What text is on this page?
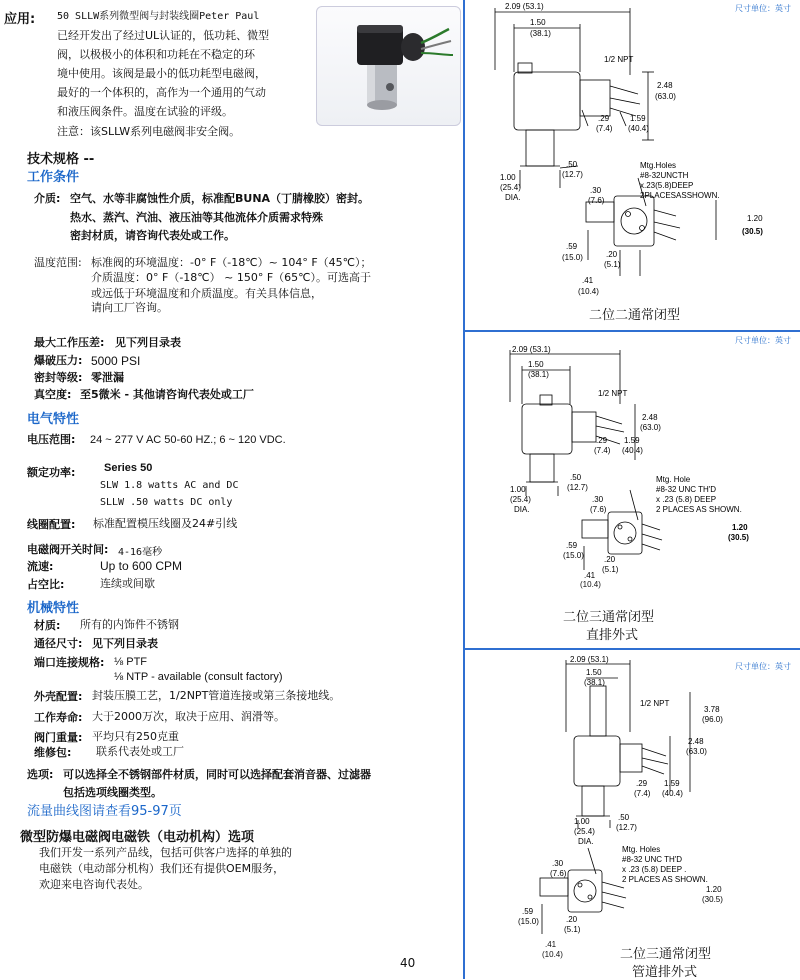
应用: 50 SLLW系列微型阀与封装线圈Peter Paul
已经开发出了经过UL认证的，低功耗、微型
阀，以极极小的体积和功耗在不稳定的环
境中使用。该阀是最小的低功耗型电磁阀，
最好的一个体积的，高作为一个通用的气动
和液压阀条件。温度在试验的评级。
注意：该SLLW系列电磁阀非安全阀。
技术规格 --
工作条件
介质: 空气、水等非腐蚀性介质，标准配BUNA（丁腈橡胶）密封。
热水、蒸汽、汽油、液压油等其他流体介质需求特殊
密封材质，请咨询代表处或工作。
温度范围: 标准阀的环境温度：-0° F（-18℃）~ 104° F（45℃）；
介质温度：0° F（-18℃） ~ 150° F（65℃）。可选高于
或远低于环境温度和介质温度。有关具体信息，
请向工厂咨询。
最大工作压差: 见下列目录表
爆破压力: 5000 PSI
密封等级: 零泄漏
真空度: 至5微米 - 其他请咨询代表处或工厂
电气特性
电压范围: 24 ~ 277 V AC 50-60 HZ.; 6 ~ 120 VDC.
额定功率:	Series 50
SLW 1.8 watts AC and DC
SLLW .50 watts DC only
线圈配置: 标准配置模压线圈及24#引线
电磁阀开关时间: 4-16毫秒
流速:	Up to 600 CPM
占空比:	连续或间歇
机械特性
材质: 所有的内饰件不锈钢
通径尺寸: 见下列目录表
端口连接规格: ⅛ PTF
⅛ NTP - available (consult factory)
外壳配置: 封装压膜工艺，1/2NPT管道连接或第三条接地线。
工作寿命: 大于2000万次，取决于应用、润滑等。
阀门重量: 平均只有250克重
维修包: 联系代表处或工厂
选项: 可以选择全不锈钢部件材质，同时可以选择配套消音器、过滤器
包括选项线圈类型。
流量曲线图请查看95-97页
微型防爆电磁阀电磁铁（电动机构）选项
我们开发一系列产品线，包括可供客户选择的单独的
电磁铁（电动部分机构）我们还有提供OEM服务，
欢迎来电咨询代表处。
40
尺寸单位：英寸
2.09 (53.1)
1.50
(38.1)
1/2 NPT
2.48
(63.0)
.29
(7.4)
1.59
(40.4)
1.00
(25.4)
DIA.
.50
(12.7)
Mtg.Holes
#8-32UNCTH
x.23(5.8)DEEP
2PLACESASSHOWN.
.30
(7.6)
1.20
(30.5)
.59
(15.0)	.20
(5.1)
.41
(10.4)
二位二通常闭型
尺寸单位：英寸
2.09 (53.1)
1.50
(38.1)
1/2 NPT
2.48
(63.0)
.29
(7.4)
1.59
(40.4)
1.00
(25.4)
DIA.
.50
(12.7)
Mtg. Hole
#8-32 UNC TH'D
x .23 (5.8) DEEP
2 PLACES AS SHOWN.
.30
(7.6)
1.20
(30.5)
.59
(15.0)	.20
(5.1)
.41
(10.4)
二位三通常闭型
直排外式
尺寸单位：英寸
2.09 (53.1)
1.50
(38.1)
1/2 NPT
3.78
(96.0)
2.48
(63.0)
.29
(7.4)
1.59
(40.4)
1.00
(25.4)
DIA.
.50
(12.7)
Mtg. Holes
#8-32 UNC TH'D
x .23 (5.8) DEEP .
2 PLACES AS SHOWN.
.30
(7.6)
1.20
(30.5)
.59
(15.0)	.20
(5.1)
.41
(10.4)	二位三通常闭型
管道排外式
